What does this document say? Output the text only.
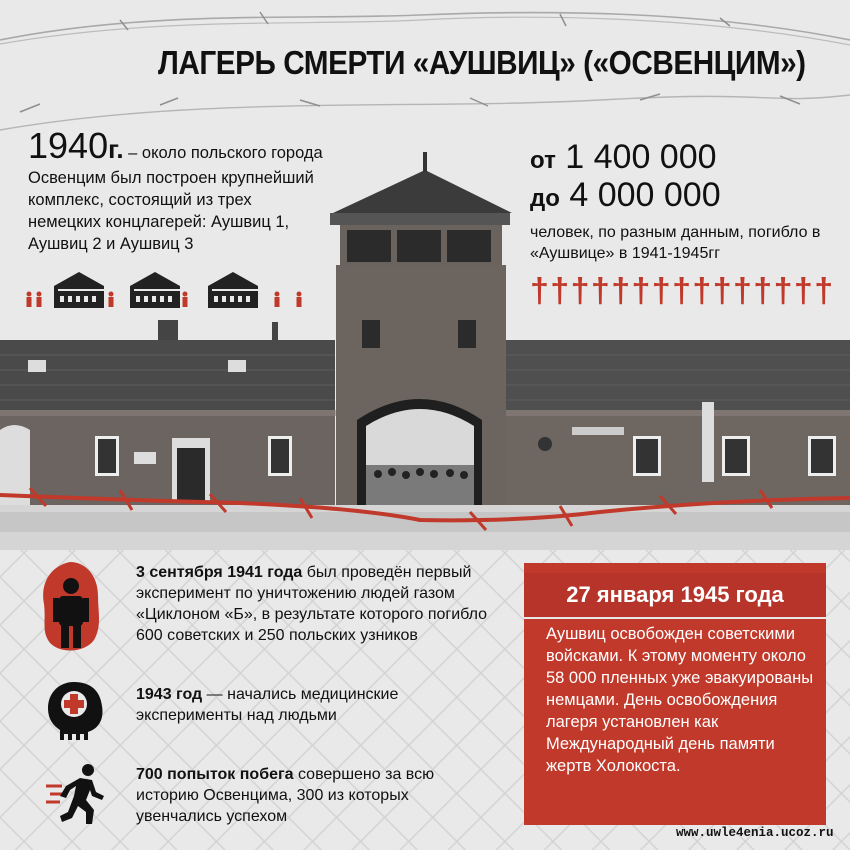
ЛАГЕРЬ СМЕРТИ «АУШВИЦ» («ОСВЕНЦИМ»)
1940г. – около польского города Освенцим был построен крупнейший комплекс, состоящий из трех немецких концлагерей: Аушвиц 1, Аушвиц 2 и Аушвиц 3
от 1 400 000
до 4 000 000
человек, по разным данным, погибло в «Аушвице» в 1941-1945гг
† † † † † † † † † † † † † † †
3 сентября 1941 года был проведён первый эксперимент по уничтожению людей газом «Циклоном «Б», в результате которого погибло 600 советских и 250 польских узников
1943 год — начались медицинские эксперименты над людьми
700 попыток побега совершено за всю историю Освенцима, 300 из которых увенчались успехом
27 января 1945 года
Аушвиц освобожден советскими войсками. К этому моменту около 58 000 пленных уже эвакуированы немцами. День освобождения лагеря установлен как Международный день памяти жертв Холокоста.
www.uwle4enia.ucoz.ru
